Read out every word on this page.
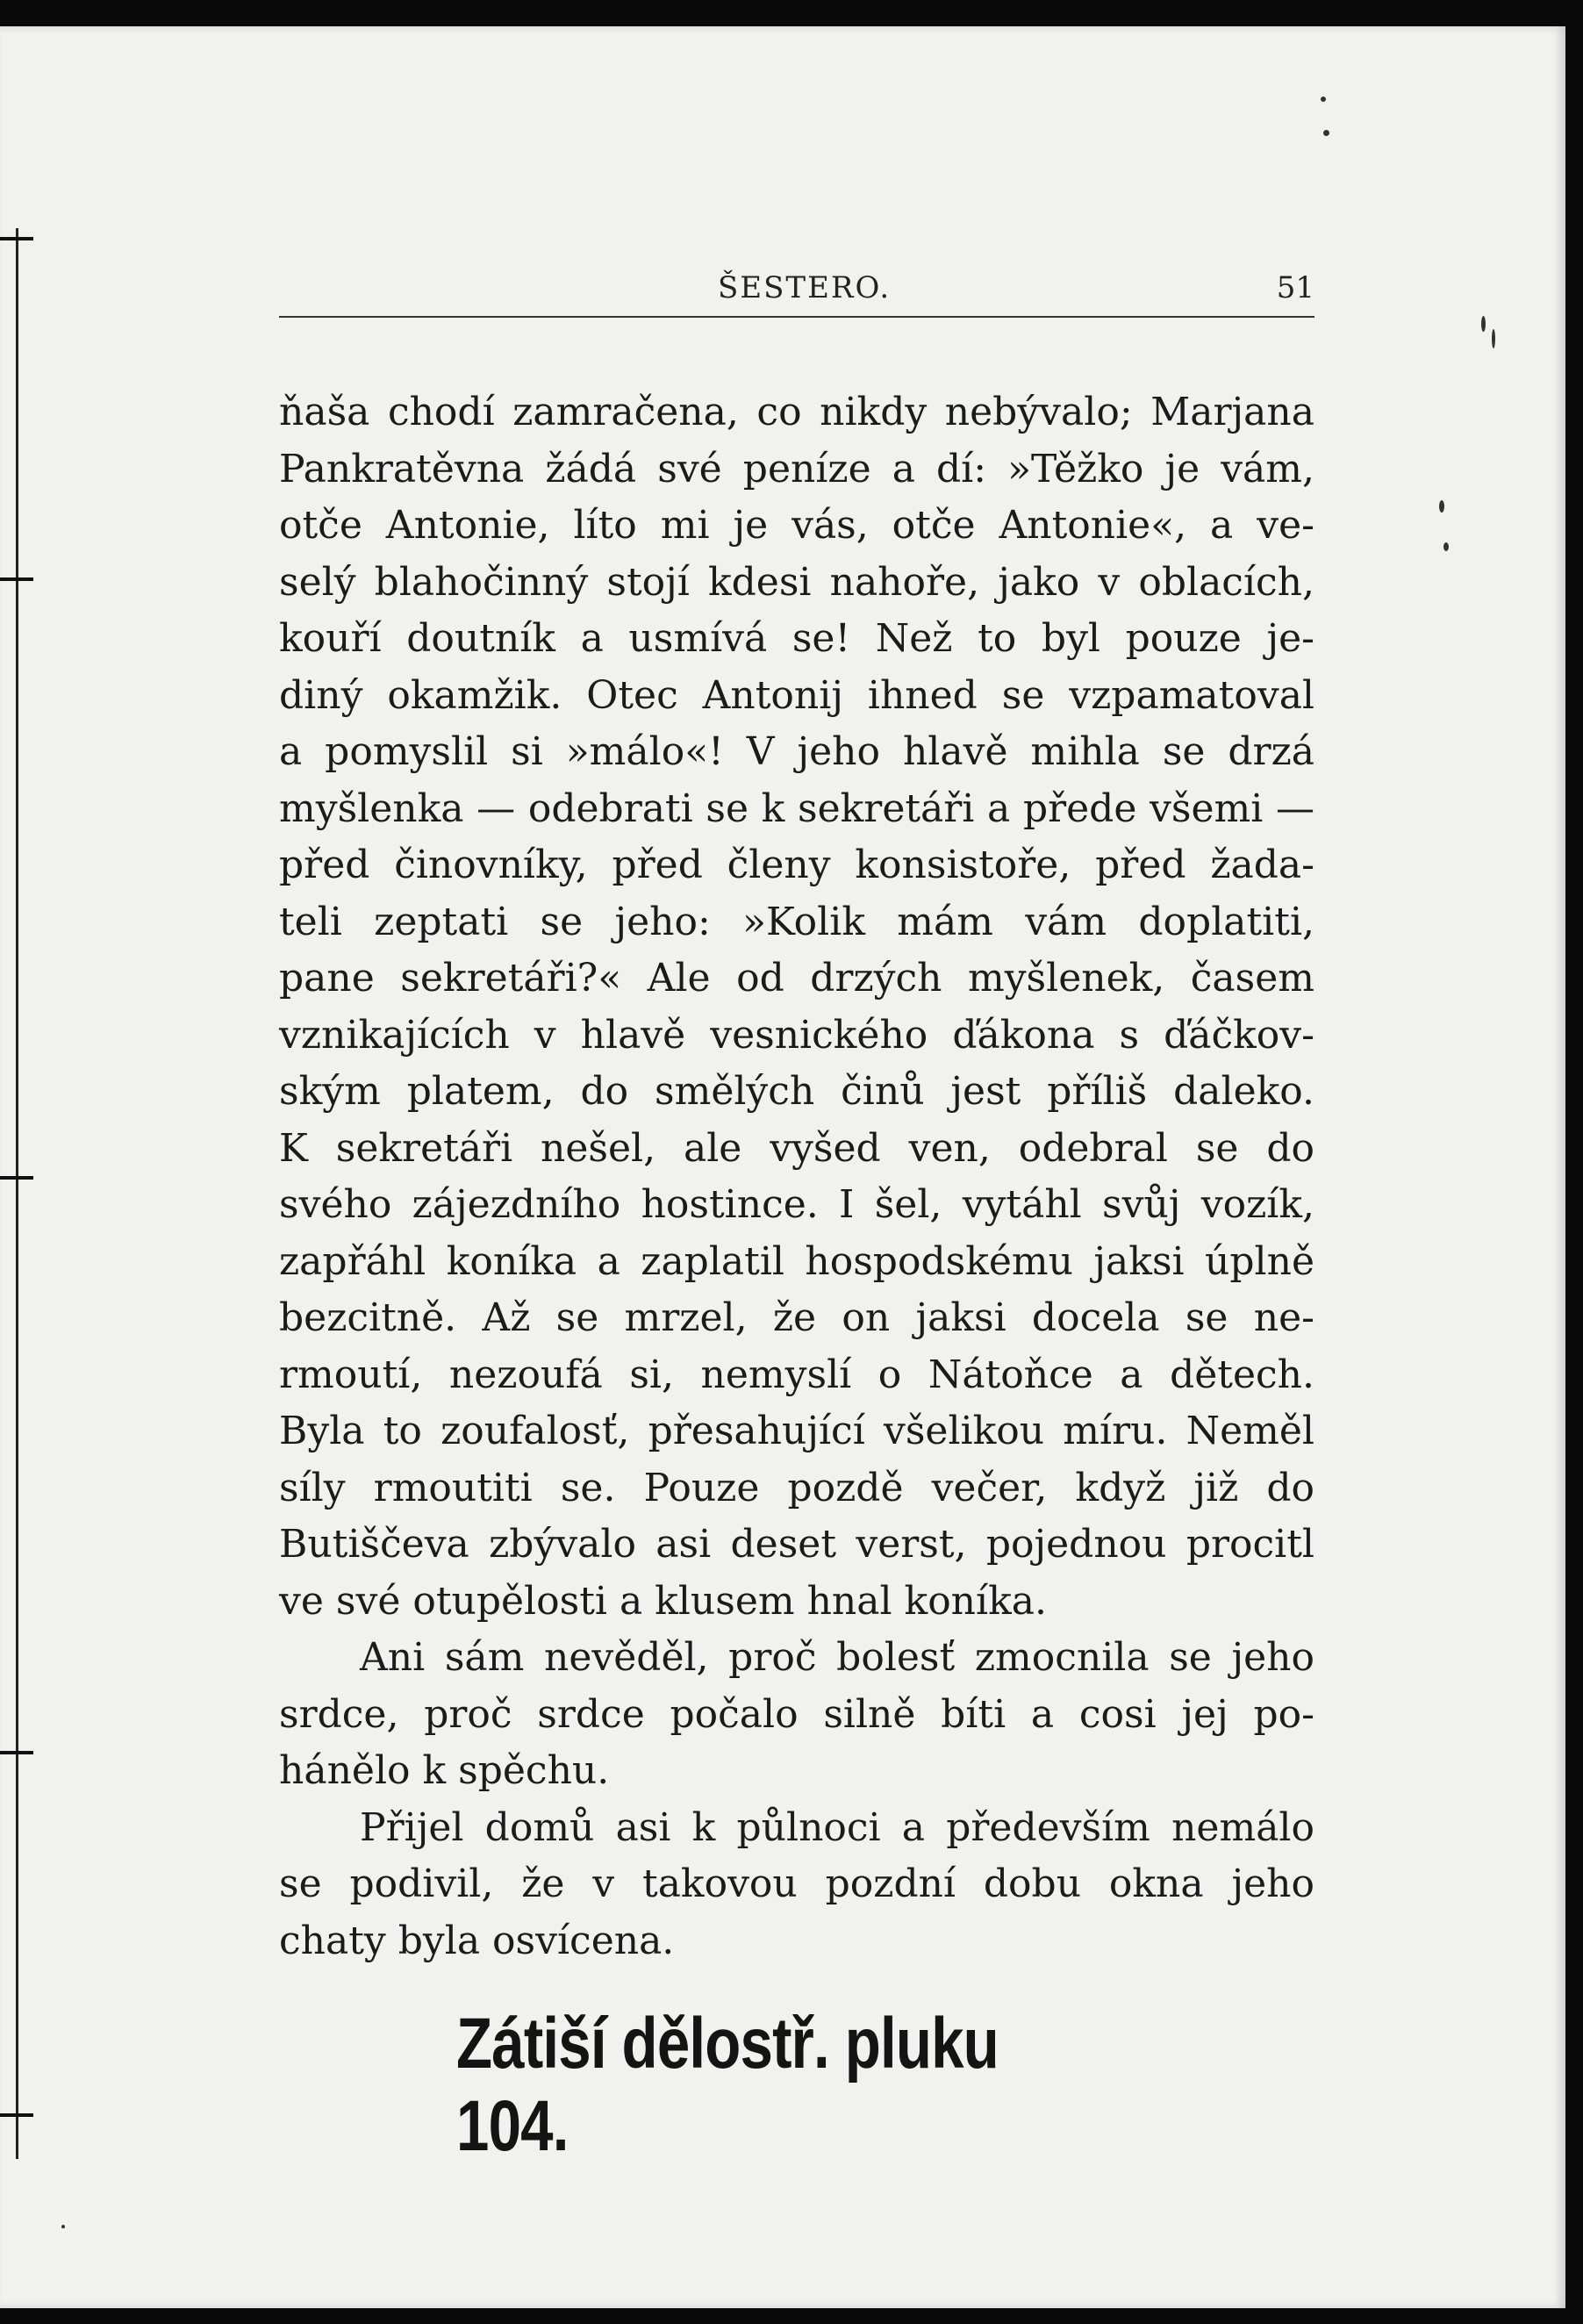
ŠESTERO.	51
ňaša chodí zamračena, co nikdy nebývalo; Marjana
Pankratěvna žádá své peníze a dí: »Těžko je vám,
otče Antonie, líto mi je vás, otče Antonie«, a ve-
selý blahočinný stojí kdesi nahoře, jako v oblacích,
kouří doutník a usmívá se! Než to byl pouze je-
diný okamžik. Otec Antonij ihned se vzpamatoval
a pomyslil si »málo«! V jeho hlavě mihla se drzá
myšlenka — odebrati se k sekretáři a přede všemi —
před činovníky, před členy konsistoře, před žada-
teli zeptati se jeho: »Kolik mám vám doplatiti,
pane sekretáři?« Ale od drzých myšlenek, časem
vznikajících v hlavě vesnického ďákona s ďáčkov-
ským platem, do smělých činů jest příliš daleko.
K sekretáři nešel, ale vyšed ven, odebral se do
svého zájezdního hostince. I šel, vytáhl svůj vozík,
zapřáhl koníka a zaplatil hospodskému jaksi úplně
bezcitně. Až se mrzel, že on jaksi docela se ne-
rmoutí, nezoufá si, nemyslí o Nátoňce a dětech.
Byla to zoufalosť, přesahující všelikou míru. Neměl
síly rmoutiti se. Pouze pozdě večer, když již do
Butiščeva zbývalo asi deset verst, pojednou procitl
ve své otupělosti a klusem hnal koníka.
Ani sám nevěděl, proč bolesť zmocnila se jeho
srdce, proč srdce počalo silně bíti a cosi jej po-
hánělo k spěchu.
Přijel domů asi k půlnoci a především nemálo
se podivil, že v takovou pozdní dobu okna jeho
chaty byla osvícena.
Zátiší dělostř. pluku 104.
